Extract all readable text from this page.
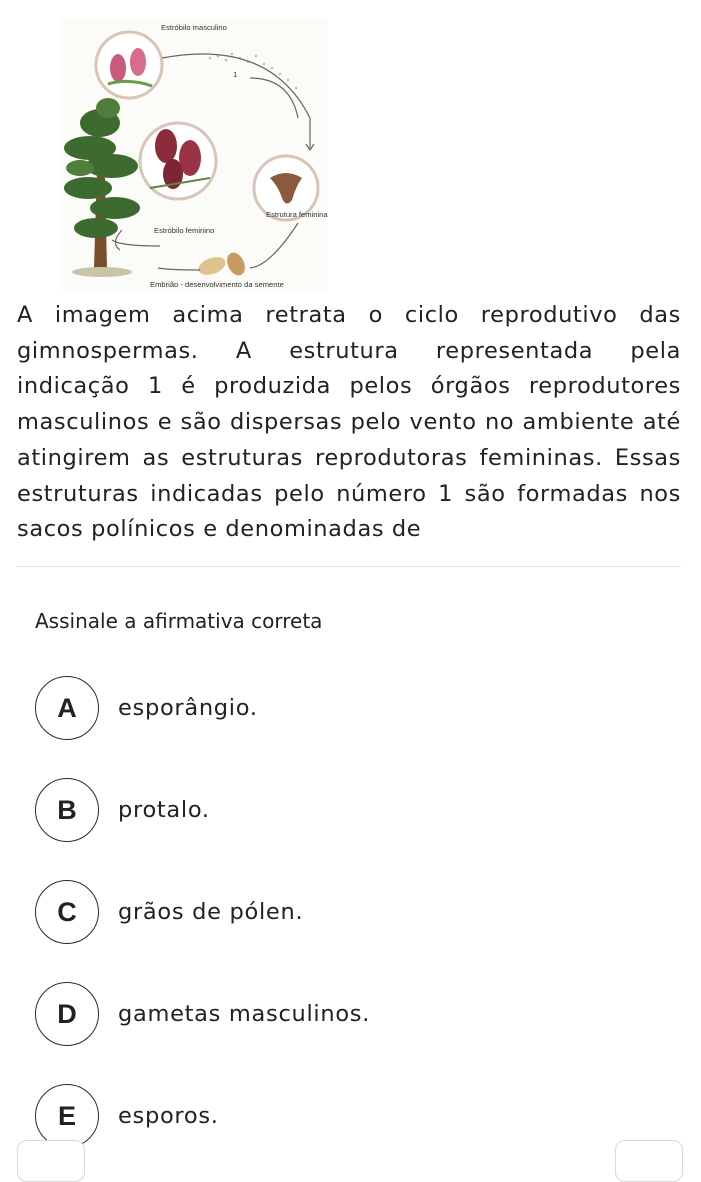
Estróbilo masculino
1
Estrutura feminina
Estróbilo feminino
Embrião - desenvolvimento da semente
A imagem acima retrata o ciclo reprodutivo das gimnospermas. A estrutura representada pela indicação 1 é produzida pelos órgãos reprodutores masculinos e são dispersas pelo vento no ambiente até atingirem as estruturas reprodutoras femininas. Essas estruturas indicadas pelo número 1 são formadas nos sacos polínicos e denominadas de
Assinale a afirmativa correta
A	esporângio.
B	protalo.
C	grãos de pólen.
D	gametas masculinos.
E	esporos.
